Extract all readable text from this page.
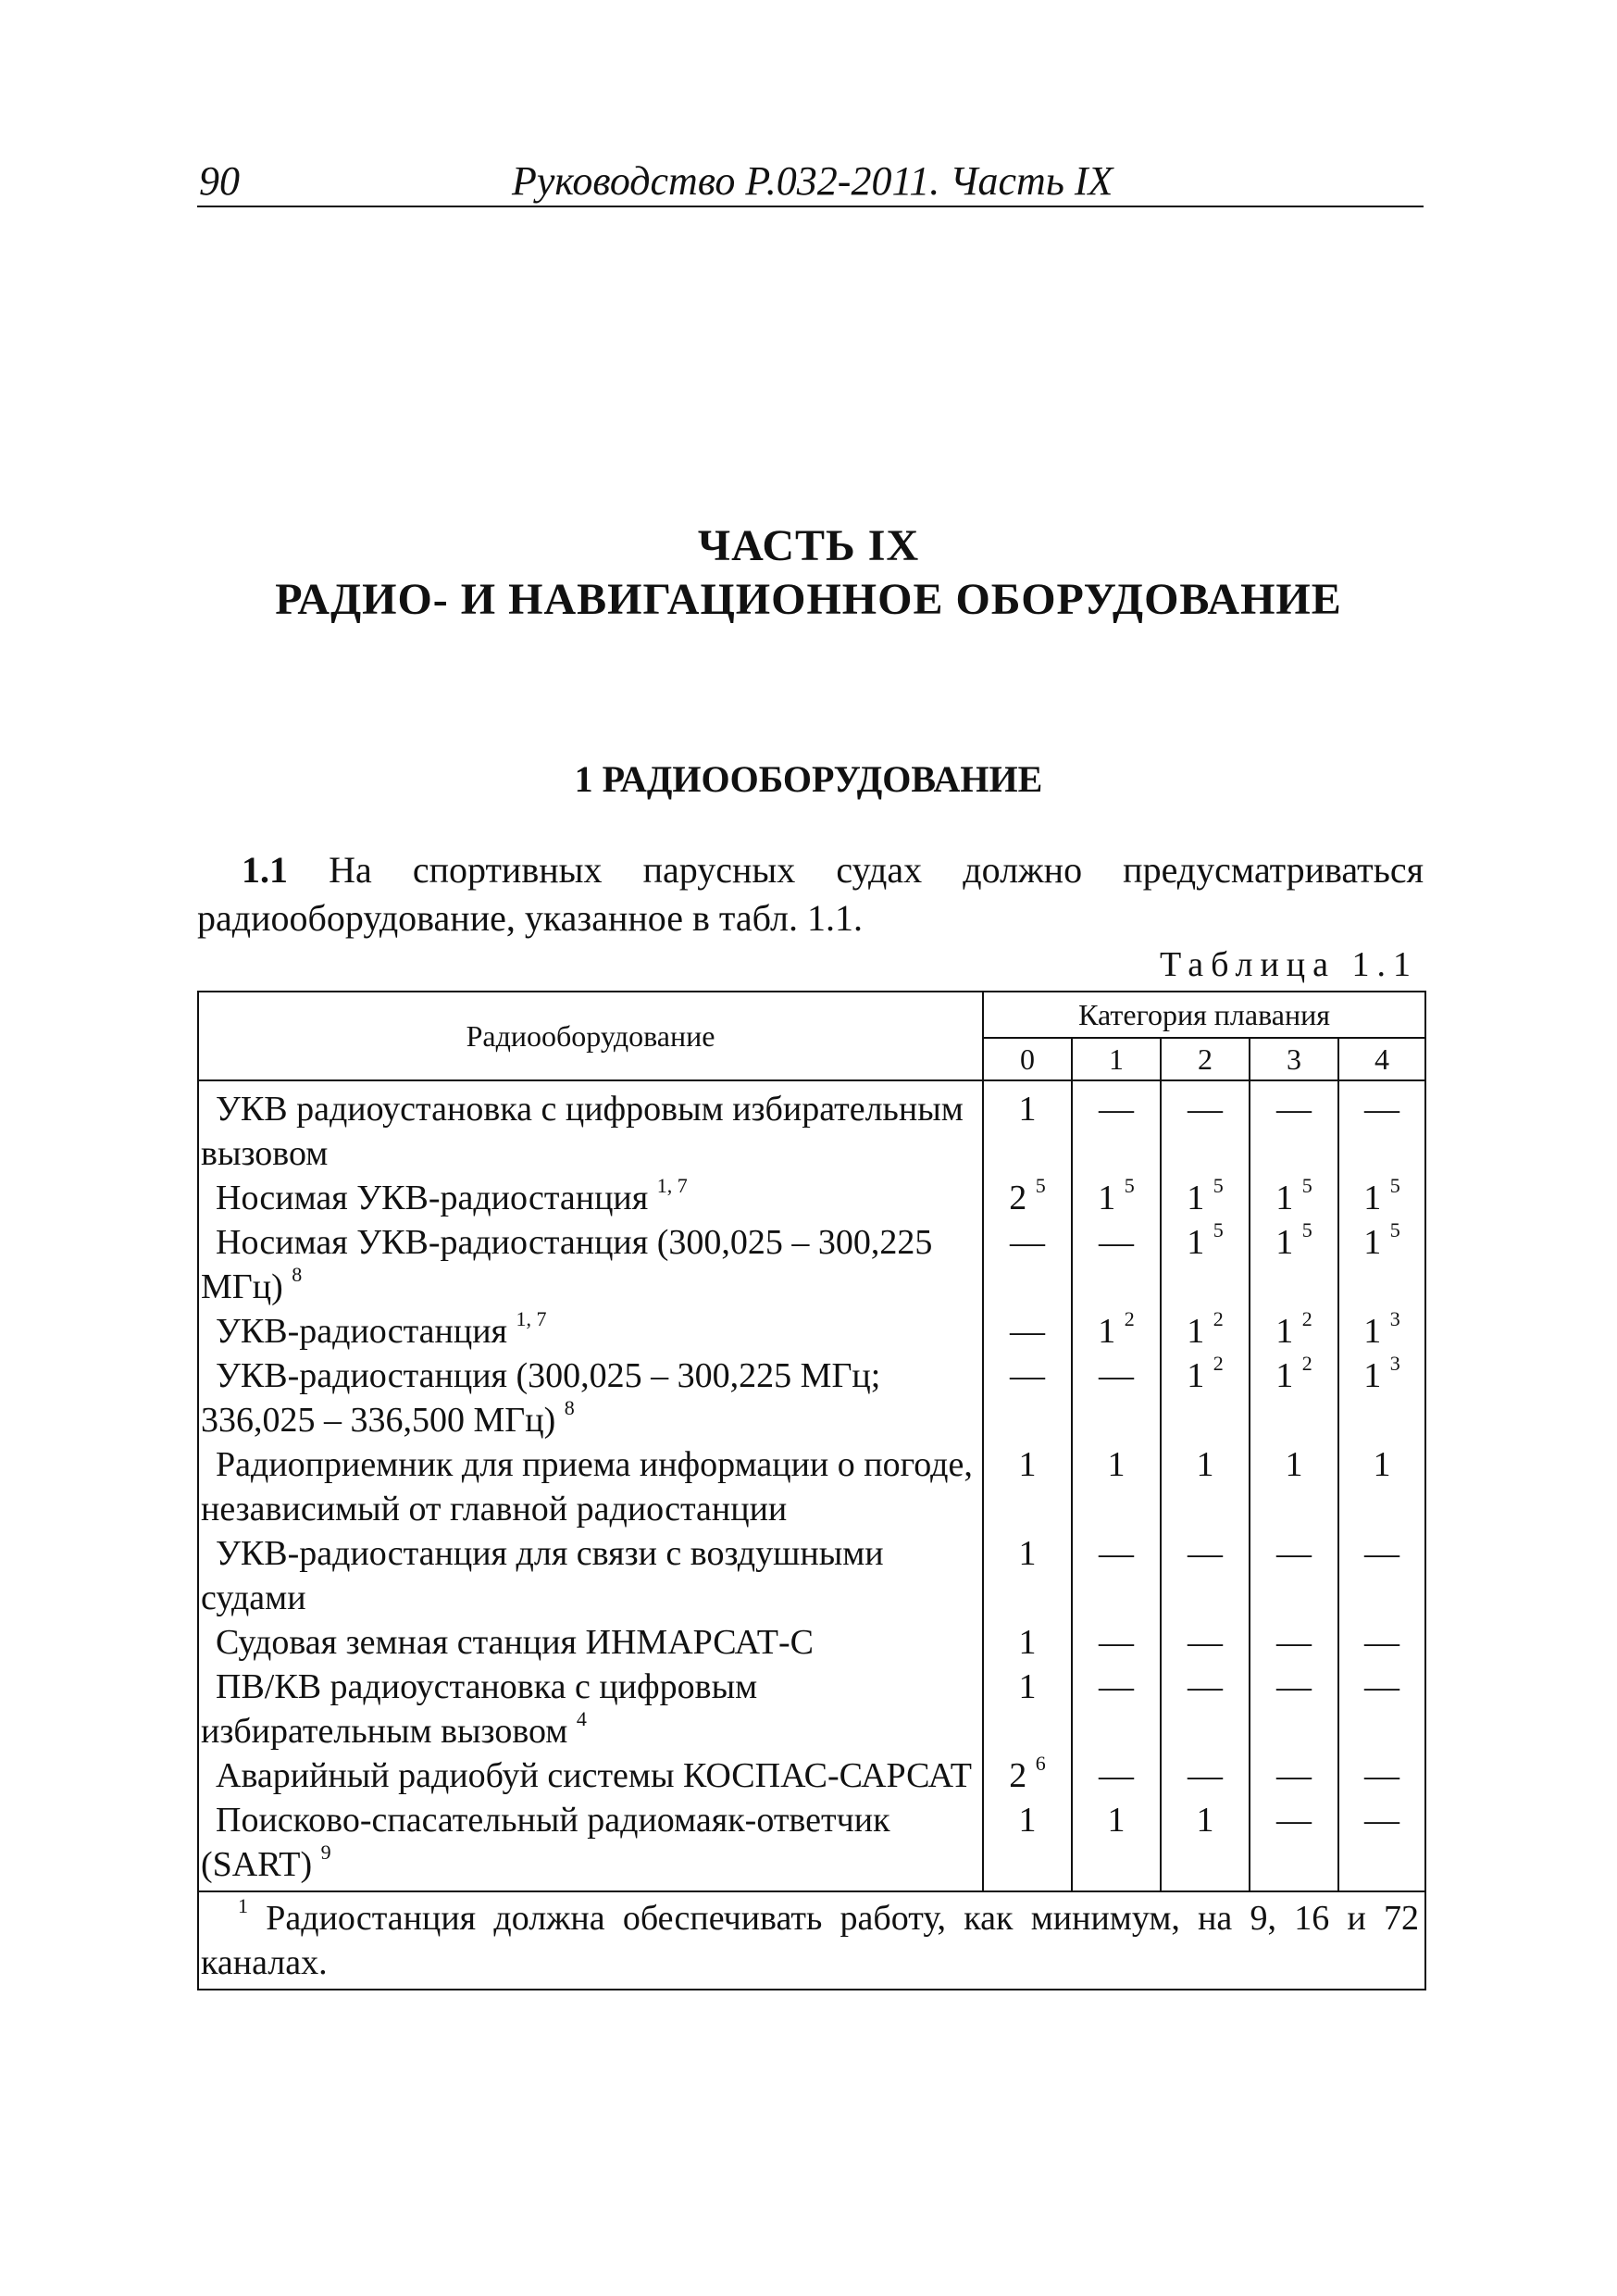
90	Руководство Р.032-2011. Часть IX
ЧАСТЬ IX
РАДИО- И НАВИГАЦИОННОЕ ОБОРУДОВАНИЕ
1 РАДИООБОРУДОВАНИЕ
1.1 На спортивных парусных судах должно предусматриваться радиооборудование, указанное в табл. 1.1.
Таблица 1.1
Радиооборудование	Категория плавания				
	0	1	2	3	4
УКВ радиоустановка с цифровым избирательным вызовом	1	—	—	—	—
Носимая УКВ-радиостанция $^{1, 7}$	2 $^5$	1 $^5$	1 $^5$	1 $^5$	1 $^5$
Носимая УКВ-радиостанция (300,025 – 300,225 МГц) $^8$	—	—	1 $^5$	1 $^5$	1 $^5$
УКВ-радиостанция $^{1, 7}$	—	1 $^2$	1 $^2$	1 $^2$	1 $^3$
УКВ-радиостанция (300,025 – 300,225 МГц; 336,025 – 336,500 МГц) $^8$	—	—	1 $^2$	1 $^2$	1 $^3$
Радиоприемник для приема информации о погоде, независимый от главной радиостанции	1	1	1	1	1
УКВ-радиостанция для связи с воздушными судами	1	—	—	—	—
Судовая земная станция ИНМАРСАТ-С	1	—	—	—	—
ПВ/КВ радиоустановка с цифровым избирательным вызовом $^4$	1	—	—	—	—
Аварийный радиобуй системы КОСПАС-САРСАТ	2 $^6$	—	—	—	—
Поисково-спасательный радиомаяк-ответчик (SART) $^9$	1	1	1	—	—
$^1$ Радиостанция должна обеспечивать работу, как минимум, на 9, 16 и 72 каналах.					
